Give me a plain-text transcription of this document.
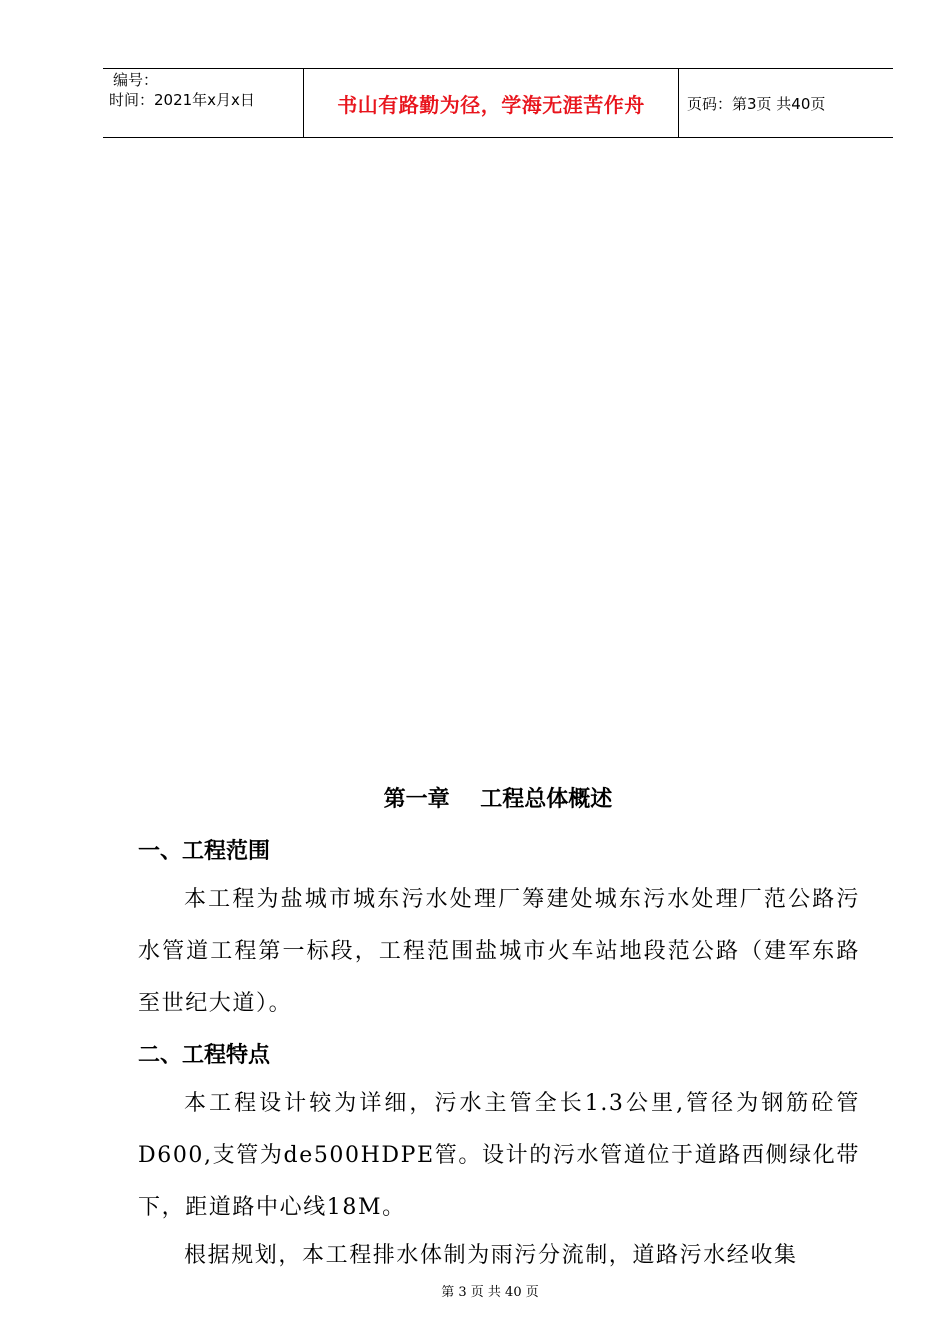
编号：
时间：2021年x月x日	书山有路勤为径，学海无涯苦作舟	页码：第3页 共40页
第一章    工程总体概述
一、工程范围
本工程为盐城市城东污水处理厂筹建处城东污水处理厂范公路污水管道工程第一标段，工程范围盐城市火车站地段范公路（建军东路至世纪大道）。
二、工程特点
本工程设计较为详细，污水主管全长1.3公里,管径为钢筋砼管D600,支管为de500HDPE管。设计的污水管道位于道路西侧绿化带下，距道路中心线18M。
根据规划，本工程排水体制为雨污分流制，道路污水经收集
第 3 页 共 40 页
